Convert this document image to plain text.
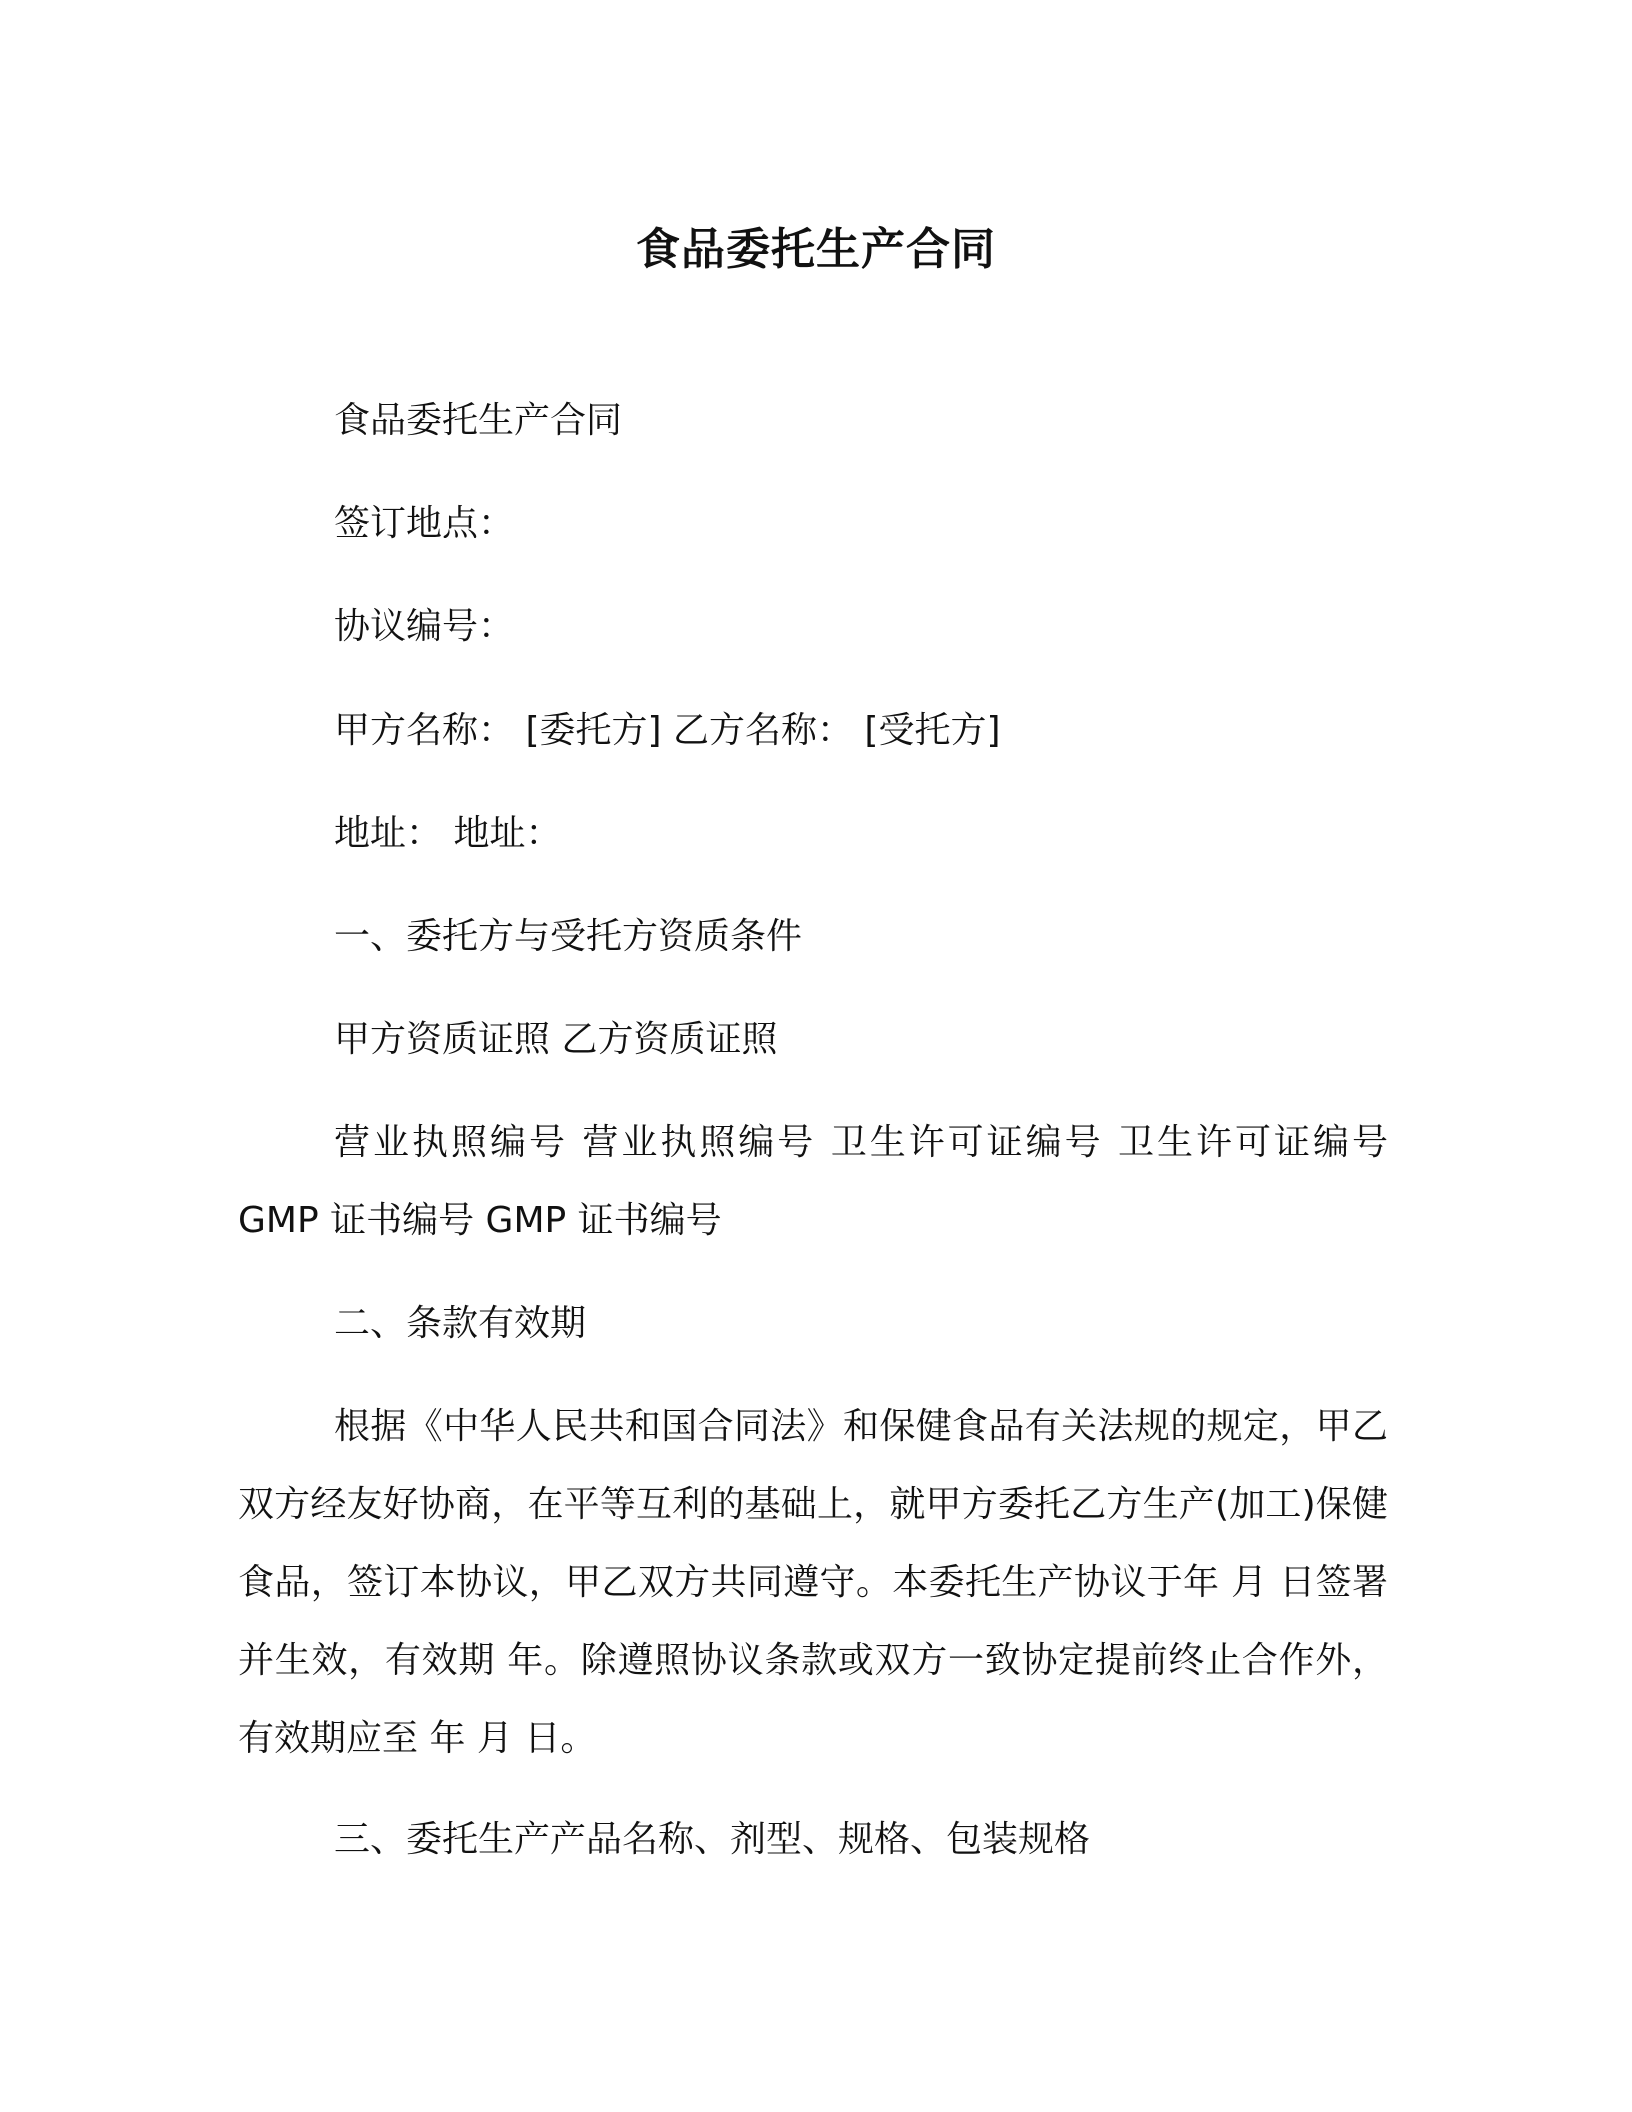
食品委托生产合同
食品委托生产合同
签订地点：
协议编号：
甲方名称： [委托方] 乙方名称： [受托方]
地址： 地址：
一、委托方与受托方资质条件
甲方资质证照 乙方资质证照

营业执照编号 营业执照编号 卫生许可证编号 卫生许可证编号 GMP 证书编号 GMP 证书编号

二、条款有效期

根据《中华人民共和国合同法》和保健食品有关法规的规定，甲乙双方经友好协商，在平等互利的基础上，就甲方委托乙方生产(加工)保健食品，签订本协议，甲乙双方共同遵守。本委托生产协议于年 月 日签署并生效，有效期 年。除遵照协议条款或双方一致协定提前终止合作外，有效期应至 年 月 日。

三、委托生产产品名称、剂型、规格、包装规格
